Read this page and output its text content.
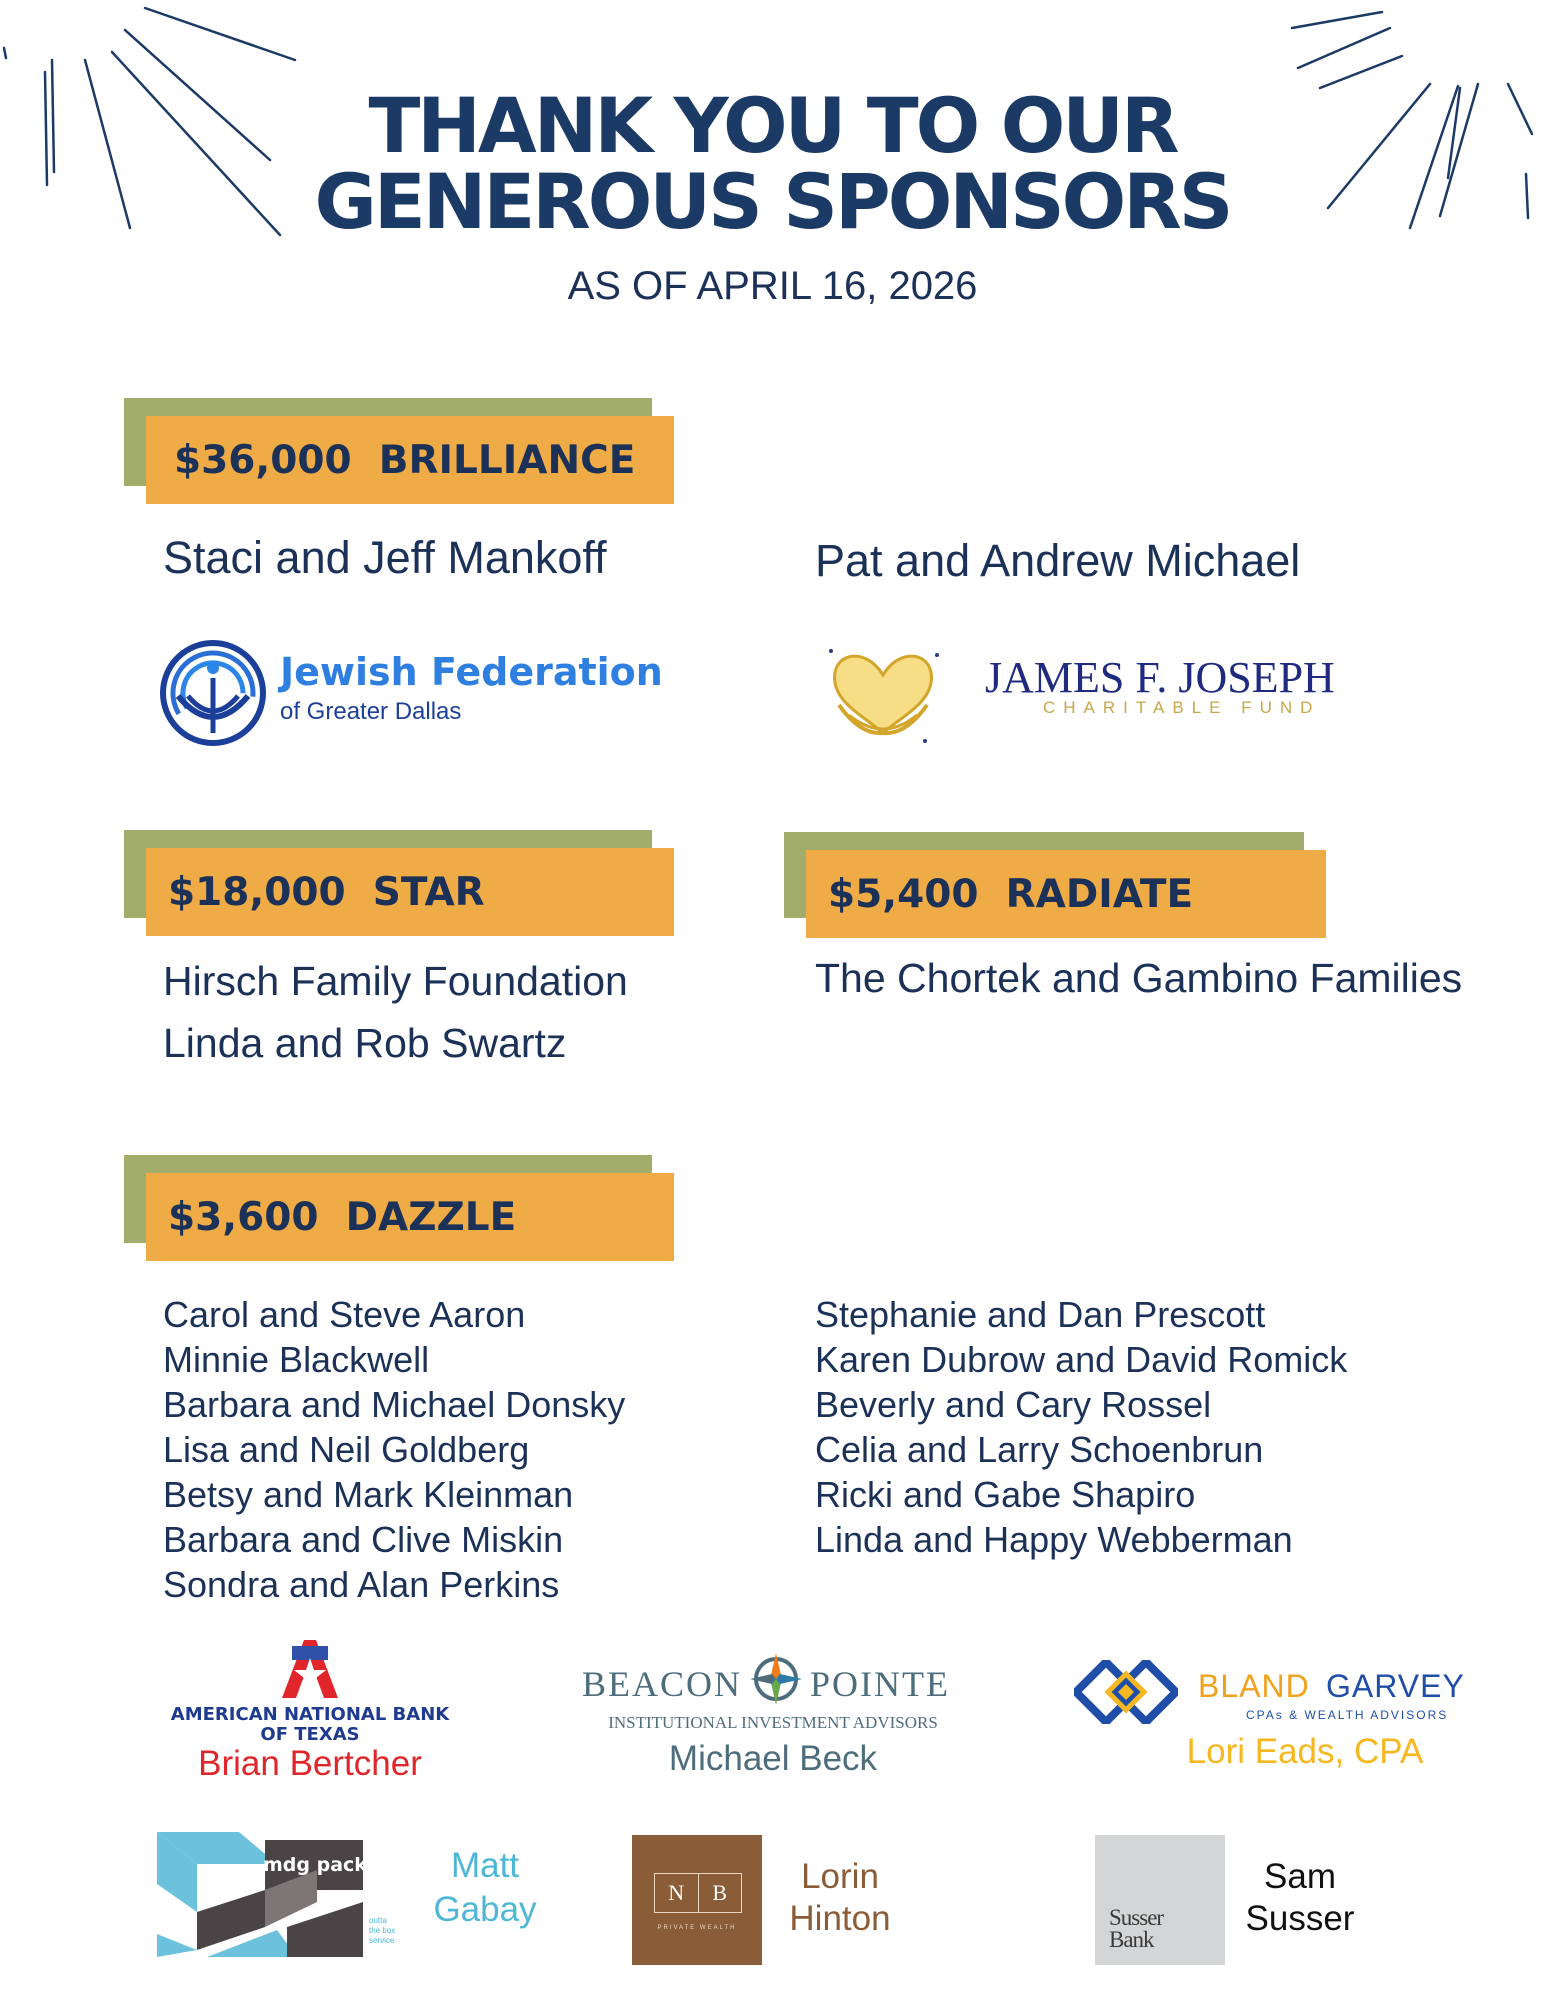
THANK YOU TO OUR
GENEROUS SPONSORS
AS OF APRIL 16, 2026
$36,000  BRILLIANCE
Staci and Jeff Mankoff	Pat and Andrew Michael
Jewish Federation
of Greater Dallas
JAMES F. JOSEPH
CHARITABLE FUND
$18,000  STAR
Hirsch Family Foundation
Linda and Rob Swartz
$5,400  RADIATE
The Chortek and Gambino Families
$3,600  DAZZLE
Carol and Steve Aaron
Minnie Blackwell
Barbara and Michael Donsky
Lisa and Neil Goldberg
Betsy and Mark Kleinman
Barbara and Clive Miskin
Sondra and Alan Perkins
Stephanie and Dan Prescott
Karen Dubrow and David Romick
Beverly and Cary Rossel
Celia and Larry Schoenbrun
Ricki and Gabe Shapiro
Linda and Happy Webberman
AMERICAN NATIONAL BANK
OF TEXAS
Brian Bertcher
BEACON POINTE
INSTITUTIONAL INVESTMENT ADVISORS
Michael Beck
BLAND GARVEY
CPAs & WEALTH ADVISORS
Lori Eads, CPA
mdg packaging
outta
the box
service
Matt
Gabay	N	B
PRIVATE WEALTH
Lorin
Hinton	Susser
Bank
Sam
Susser
